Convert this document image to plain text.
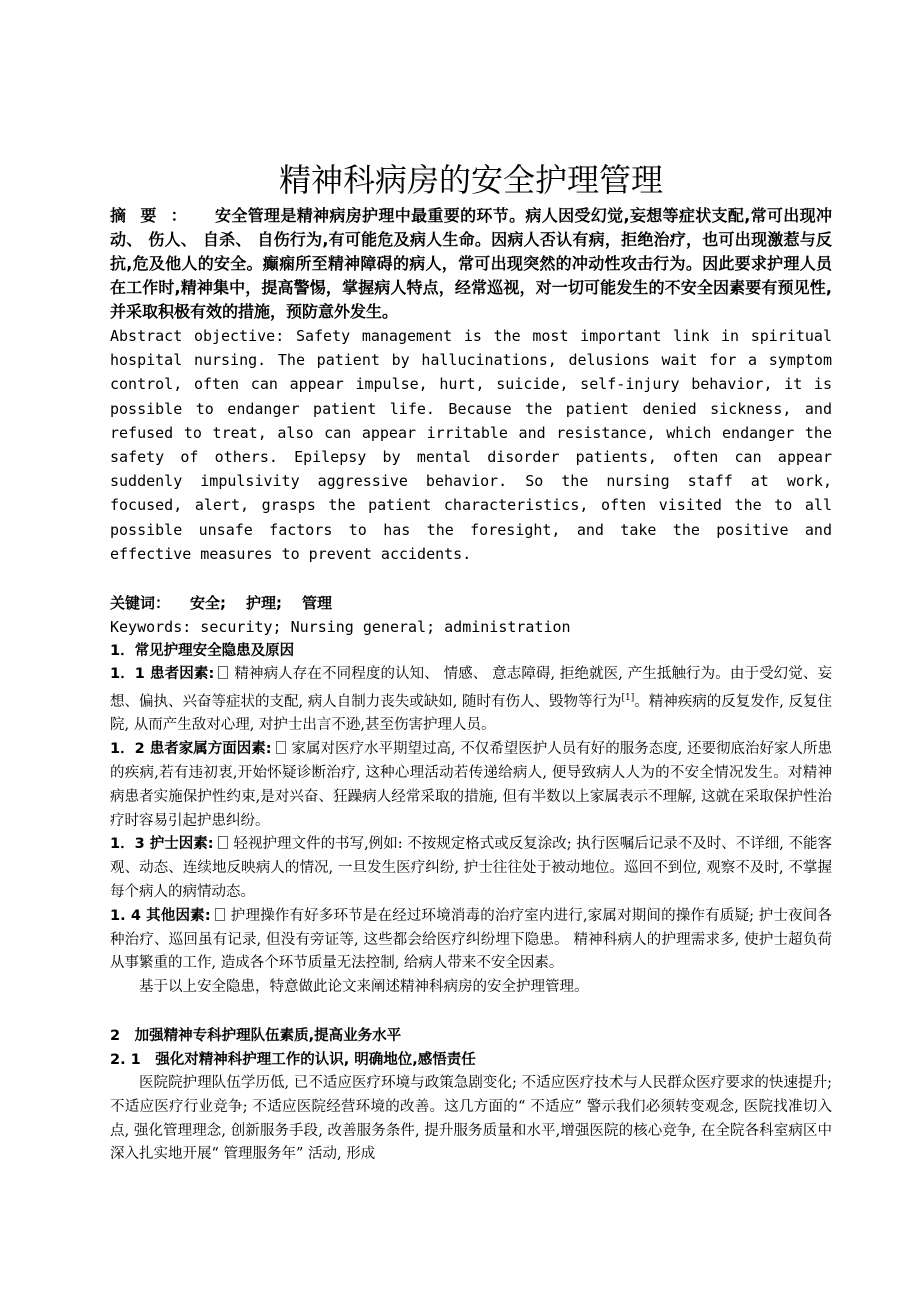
精神科病房的安全护理管理

摘要： 安全管理是精神病房护理中最重要的环节。病人因受幻觉,妄想等症状支配,常可出现冲动、 伤人、 自杀、 自伤行为,有可能危及病人生命。因病人否认有病，拒绝治疗，也可出现激惹与反抗,危及他人的安全。癫痫所至精神障碍的病人，常可出现突然的冲动性攻击行为。因此要求护理人员在工作时,精神集中，提高警惕，掌握病人特点，经常巡视，对一切可能发生的不安全因素要有预见性,并采取积极有效的措施，预防意外发生。

Abstract objective: Safety management is the most important link in spiritual hospital nursing. The patient by hallucinations, delusions wait for a symptom control, often can appear impulse, hurt, suicide, self-injury behavior, it is possible to endanger patient life. Because the patient denied sickness, and refused to treat, also can appear irritable and resistance, which endanger the safety of others. Epilepsy by mental disorder patients, often can appear suddenly impulsivity aggressive behavior. So the nursing staff at work, focused, alert, grasps the patient characteristics, often visited the to all possible unsafe factors to has the foresight, and take the positive and effective measures to prevent accidents.

关键词： 安全; 护理; 管理

Keywords: security; Nursing general; administration

1．常见护理安全隐患及原因

1．1 患者因素: 精神病人存在不同程度的认知、 情感、 意志障碍, 拒绝就医, 产生抵触行为。由于受幻觉、妄想、偏执、兴奋等症状的支配, 病人自制力丧失或缺如, 随时有伤人、毁物等行为[1]。精神疾病的反复发作, 反复住院, 从而产生敌对心理, 对护士出言不逊,甚至伤害护理人员。

1．2 患者家属方面因素: 家属对医疗水平期望过高, 不仅希望医护人员有好的服务态度, 还要彻底治好家人所患的疾病,若有违初衷,开始怀疑诊断治疗, 这种心理活动若传递给病人, 便导致病人人为的不安全情况发生。对精神病患者实施保护性约束,是对兴奋、狂躁病人经常采取的措施, 但有半数以上家属表示不理解, 这就在采取保护性治疗时容易引起护患纠纷。

1．3 护士因素: 轻视护理文件的书写,例如: 不按规定格式或反复涂改; 执行医嘱后记录不及时、不详细, 不能客观、动态、连续地反映病人的情况, 一旦发生医疗纠纷, 护士往往处于被动地位。巡回不到位, 观察不及时, 不掌握每个病人的病情动态。

1. 4 其他因素: 护理操作有好多环节是在经过环境消毒的治疗室内进行,家属对期间的操作有质疑; 护士夜间各种治疗、巡回虽有记录, 但没有旁证等, 这些都会给医疗纠纷埋下隐患。 精神科病人的护理需求多, 使护士超负荷从事繁重的工作, 造成各个环节质量无法控制, 给病人带来不安全因素。

基于以上安全隐患，特意做此论文来阐述精神科病房的安全护理管理。

2　加强精神专科护理队伍素质,提高业务水平

2. 1　强化对精神科护理工作的认识, 明确地位,感悟责任

医院院护理队伍学历低, 已不适应医疗环境与政策急剧变化; 不适应医疗技术与人民群众医疗要求的快速提升; 不适应医疗行业竞争; 不适应医院经营环境的改善。这几方面的“ 不适应” 警示我们必须转变观念, 医院找准切入点, 强化管理理念, 创新服务手段, 改善服务条件, 提升服务质量和水平,增强医院的核心竞争, 在全院各科室病区中深入扎实地开展“ 管理服务年” 活动, 形成
